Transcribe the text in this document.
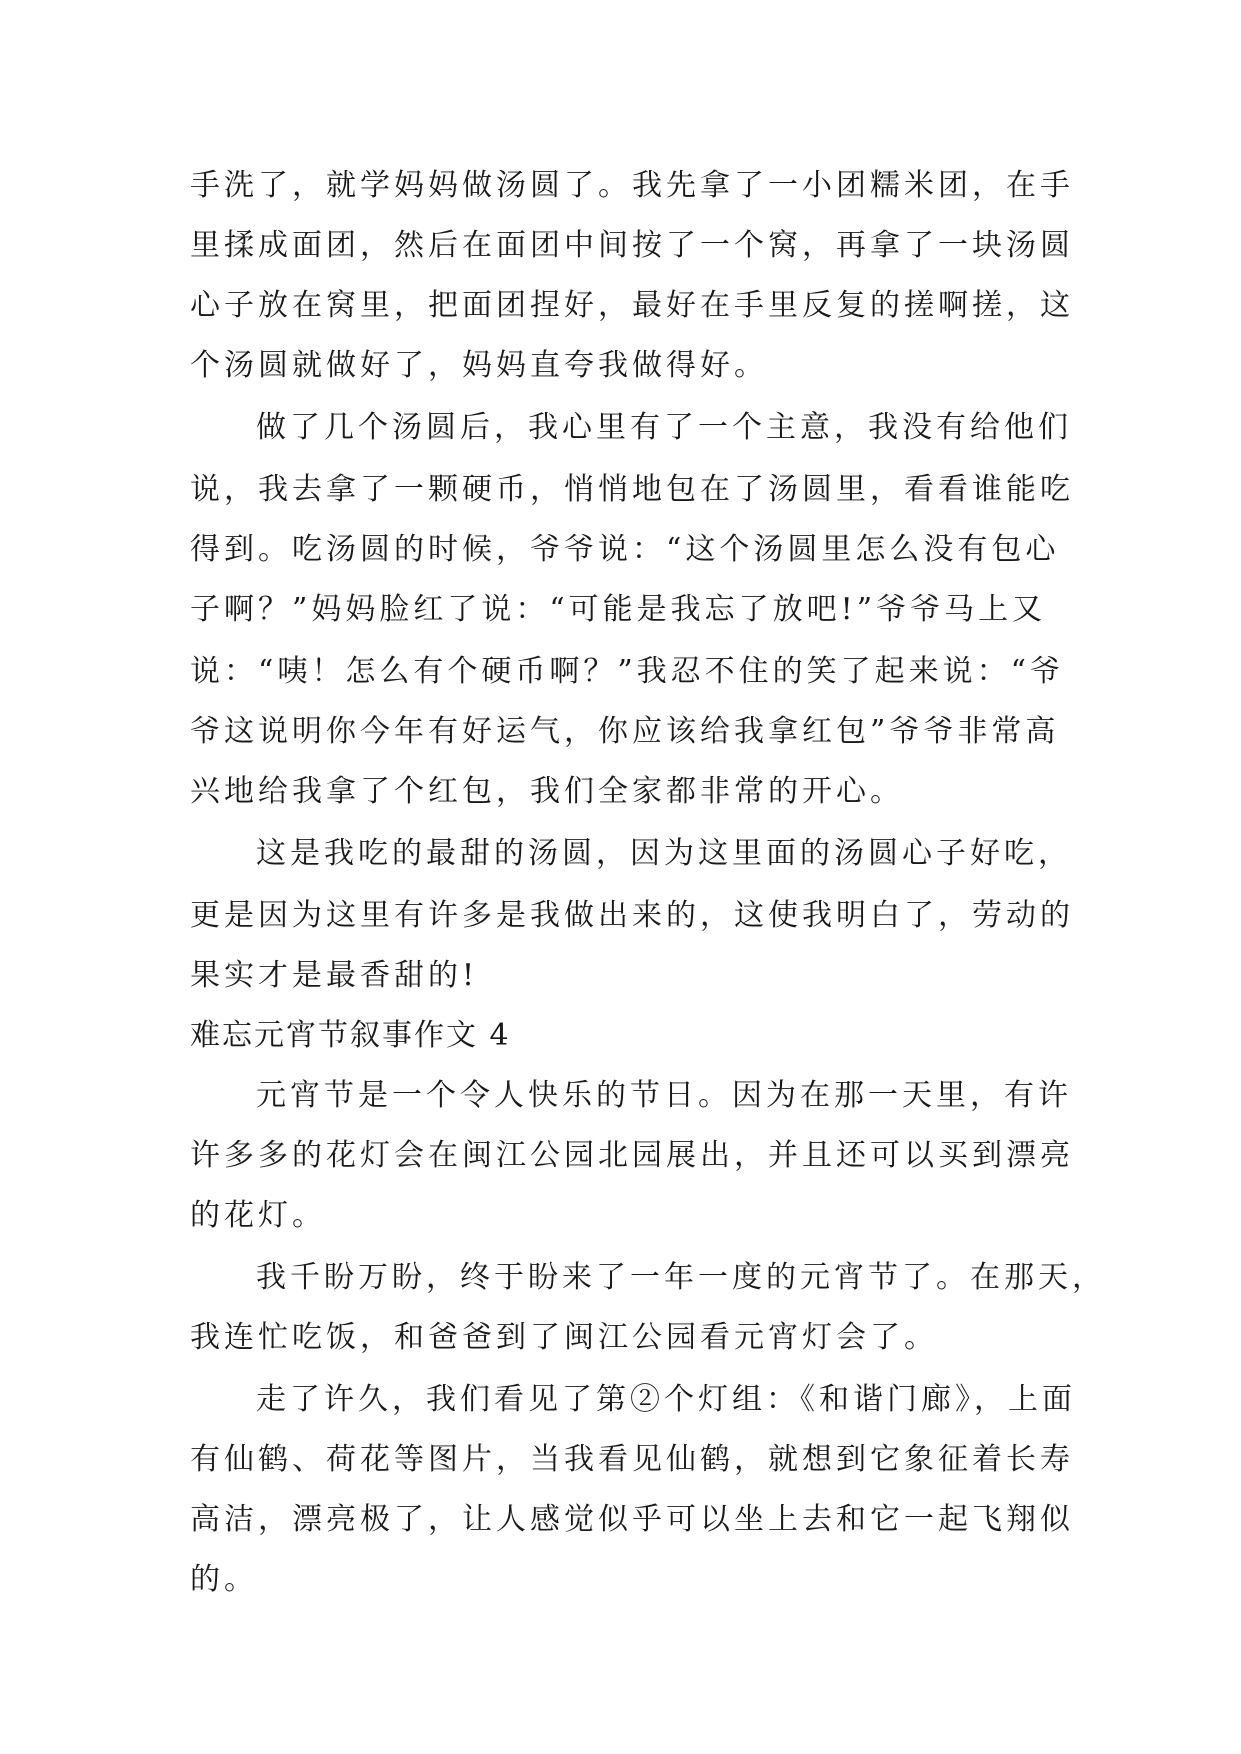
手洗了，就学妈妈做汤圆了。我先拿了一小团糯米团，在手
里揉成面团，然后在面团中间按了一个窝，再拿了一块汤圆
心子放在窝里，把面团捏好，最好在手里反复的搓啊搓，这
个汤圆就做好了，妈妈直夸我做得好。
做了几个汤圆后，我心里有了一个主意，我没有给他们
说，我去拿了一颗硬币，悄悄地包在了汤圆里，看看谁能吃
得到。吃汤圆的时候，爷爷说：“这个汤圆里怎么没有包心
子啊？”妈妈脸红了说：“可能是我忘了放吧!”爷爷马上又
说：“咦！怎么有个硬币啊？”我忍不住的笑了起来说：“爷
爷这说明你今年有好运气，你应该给我拿红包”爷爷非常高
兴地给我拿了个红包，我们全家都非常的开心。
这是我吃的最甜的汤圆，因为这里面的汤圆心子好吃，
更是因为这里有许多是我做出来的，这使我明白了，劳动的
果实才是最香甜的!
难忘元宵节叙事作文 4
元宵节是一个令人快乐的节日。因为在那一天里，有许
许多多的花灯会在闽江公园北园展出，并且还可以买到漂亮
的花灯。
我千盼万盼，终于盼来了一年一度的元宵节了。在那天，
我连忙吃饭，和爸爸到了闽江公园看元宵灯会了。
走了许久，我们看见了第②个灯组：《和谐门廊》，上面
有仙鹤、荷花等图片，当我看见仙鹤，就想到它象征着长寿
高洁，漂亮极了，让人感觉似乎可以坐上去和它一起飞翔似
的。
